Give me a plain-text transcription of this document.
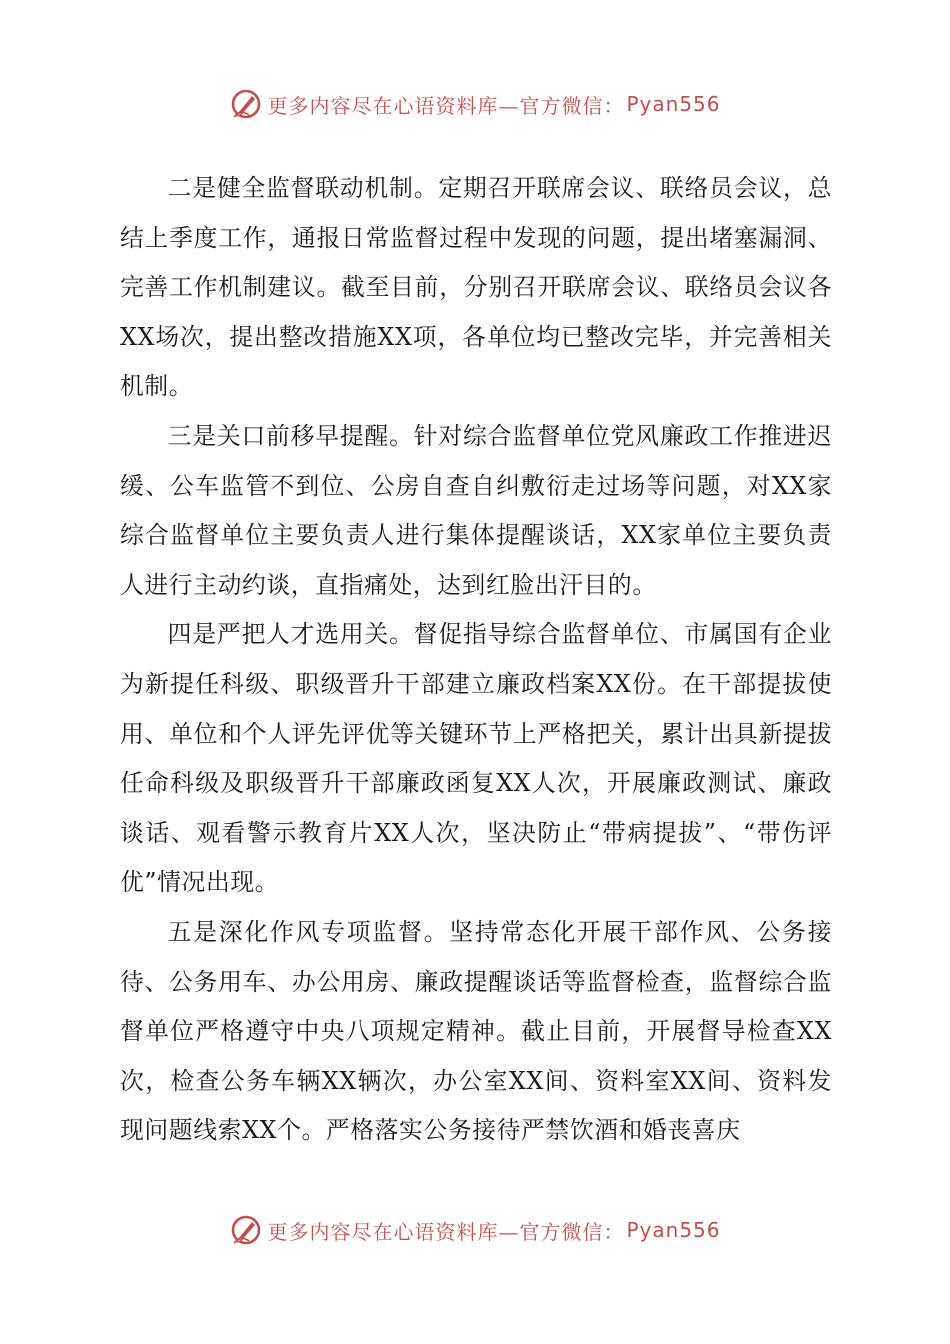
更多内容尽在心语资料库—官方微信： Pyan556

二是健全监督联动机制。定期召开联席会议、联络员会议，总结上季度工作，通报日常监督过程中发现的问题，提出堵塞漏洞、完善工作机制建议。截至目前，分别召开联席会议、联络员会议各XX场次，提出整改措施XX项，各单位均已整改完毕，并完善相关机制。

三是关口前移早提醒。针对综合监督单位党风廉政工作推进迟缓、公车监管不到位、公房自查自纠敷衍走过场等问题，对XX家综合监督单位主要负责人进行集体提醒谈话，XX家单位主要负责人进行主动约谈，直指痛处，达到红脸出汗目的。

四是严把人才选用关。督促指导综合监督单位、市属国有企业为新提任科级、职级晋升干部建立廉政档案XX份。在干部提拔使用、单位和个人评先评优等关键环节上严格把关，累计出具新提拔任命科级及职级晋升干部廉政函复XX人次，开展廉政测试、廉政谈话、观看警示教育片XX人次，坚决防止“带病提拔”、“带伤评优”情况出现。

五是深化作风专项监督。坚持常态化开展干部作风、公务接待、公务用车、办公用房、廉政提醒谈话等监督检查，监督综合监督单位严格遵守中央八项规定精神。截止目前，开展督导检查XX次，检查公务车辆XX辆次，办公室XX间、资料室XX间、资料发现问题线索XX个。严格落实公务接待严禁饮酒和婚丧喜庆

更多内容尽在心语资料库—官方微信： Pyan556
